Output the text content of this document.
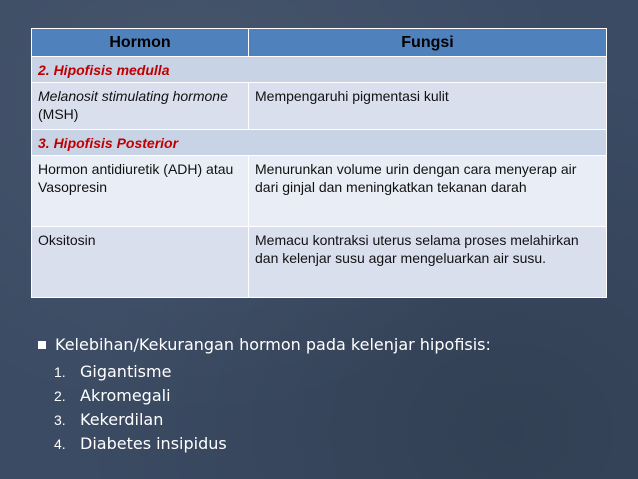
Hormon	Fungsi
2. Hipofisis medulla	
Melanosit stimulating hormone (MSH)	Mempengaruhi pigmentasi kulit
3. Hipofisis Posterior	
Hormon antidiuretik (ADH) atau Vasopresin	Menurunkan volume urin dengan cara menyerap air dari ginjal dan meningkatkan tekanan darah
Oksitosin	Memacu kontraksi uterus selama proses melahirkan dan kelenjar susu agar mengeluarkan air susu.
Kelebihan/Kekurangan hormon pada kelenjar hipofisis:
1. Gigantisme
2. Akromegali
3. Kekerdilan
4. Diabetes insipidus
